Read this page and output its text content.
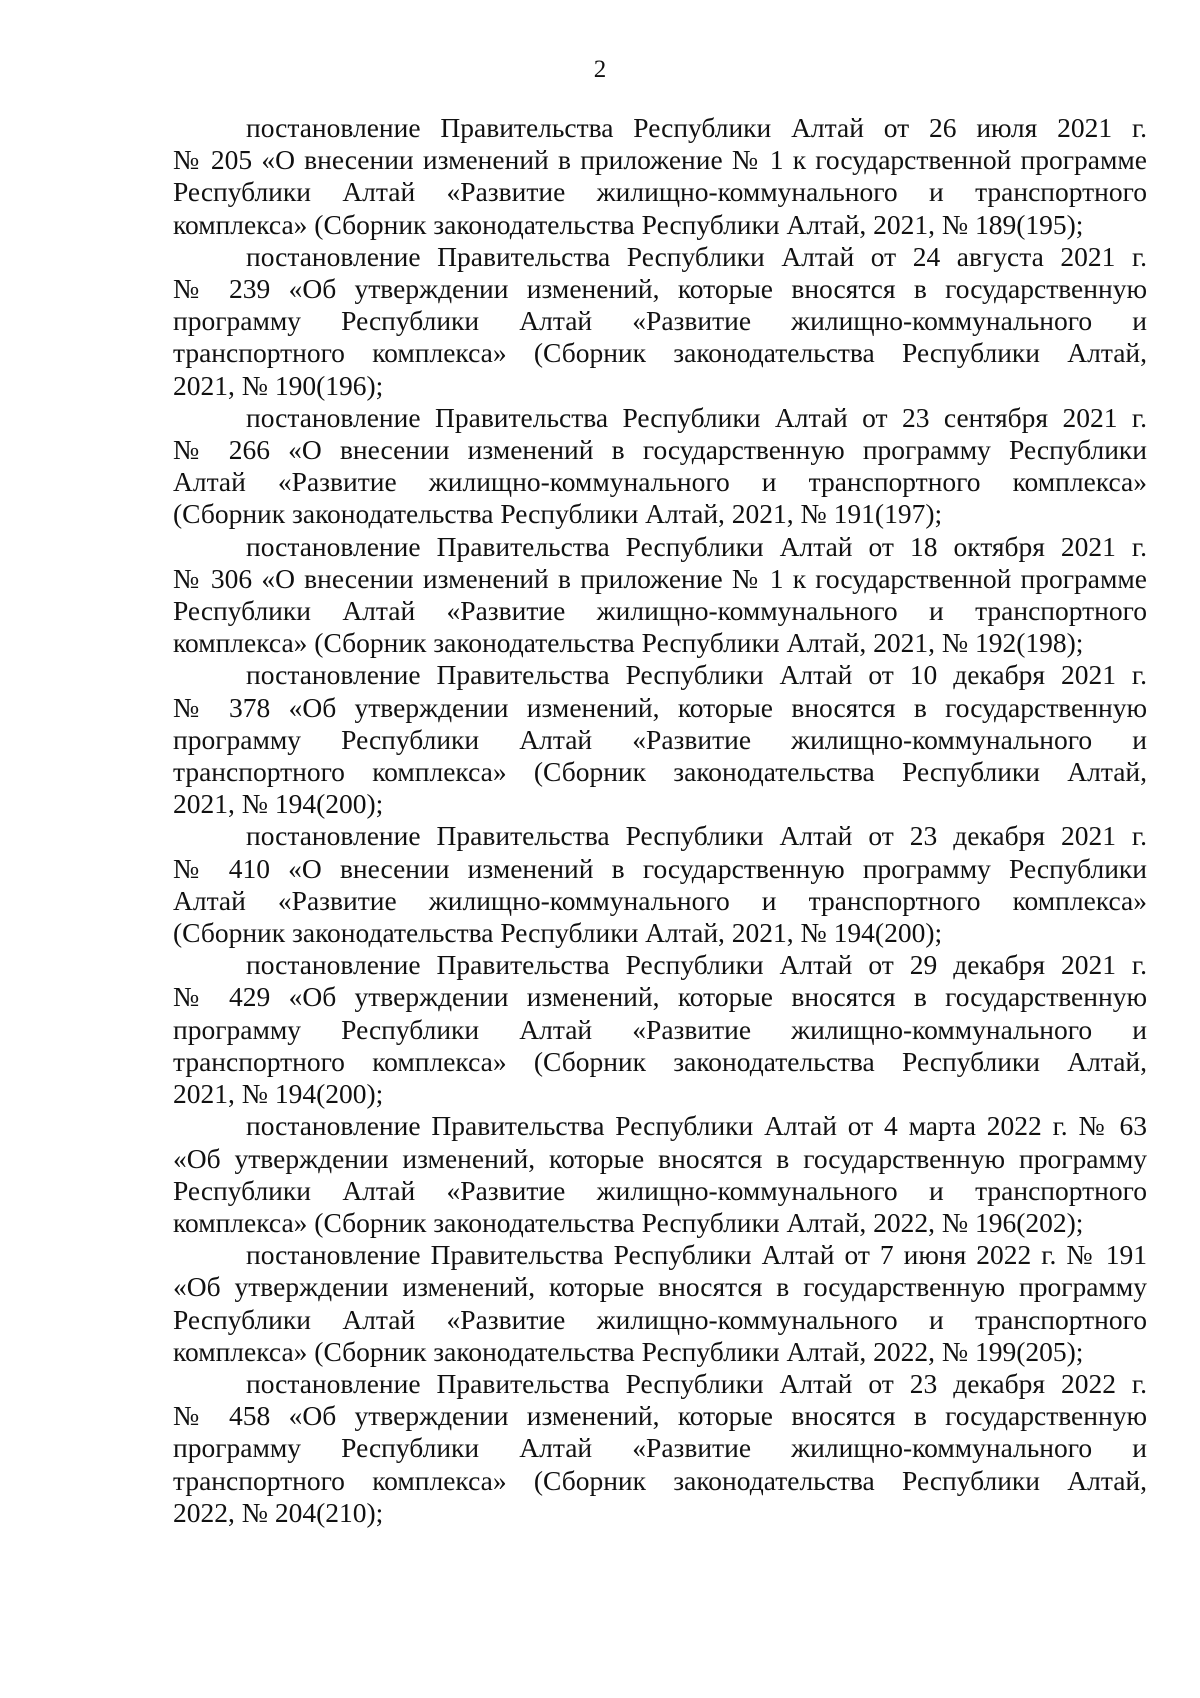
2

постановление Правительства Республики Алтай от 26 июля 2021 г.
№ 205 «О внесении изменений в приложение № 1 к государственной программе
Республики Алтай «Развитие жилищно-коммунального и транспортного
комплекса» (Сборник законодательства Республики Алтай, 2021, № 189(195);

постановление Правительства Республики Алтай от 24 августа 2021 г.
№ 239 «Об утверждении изменений, которые вносятся в государственную
программу Республики Алтай «Развитие жилищно-коммунального и
транспортного комплекса» (Сборник законодательства Республики Алтай,
2021, № 190(196);

постановление Правительства Республики Алтай от 23 сентября 2021 г.
№ 266 «О внесении изменений в государственную программу Республики
Алтай «Развитие жилищно-коммунального и транспортного комплекса»
(Сборник законодательства Республики Алтай, 2021, № 191(197);

постановление Правительства Республики Алтай от 18 октября 2021 г.
№ 306 «О внесении изменений в приложение № 1 к государственной программе
Республики Алтай «Развитие жилищно-коммунального и транспортного
комплекса» (Сборник законодательства Республики Алтай, 2021, № 192(198);

постановление Правительства Республики Алтай от 10 декабря 2021 г.
№ 378 «Об утверждении изменений, которые вносятся в государственную
программу Республики Алтай «Развитие жилищно-коммунального и
транспортного комплекса» (Сборник законодательства Республики Алтай,
2021, № 194(200);

постановление Правительства Республики Алтай от 23 декабря 2021 г.
№ 410 «О внесении изменений в государственную программу Республики
Алтай «Развитие жилищно-коммунального и транспортного комплекса»
(Сборник законодательства Республики Алтай, 2021, № 194(200);

постановление Правительства Республики Алтай от 29 декабря 2021 г.
№ 429 «Об утверждении изменений, которые вносятся в государственную
программу Республики Алтай «Развитие жилищно-коммунального и
транспортного комплекса» (Сборник законодательства Республики Алтай,
2021, № 194(200);

постановление Правительства Республики Алтай от 4 марта 2022 г. № 63
«Об утверждении изменений, которые вносятся в государственную программу
Республики Алтай «Развитие жилищно-коммунального и транспортного
комплекса» (Сборник законодательства Республики Алтай, 2022, № 196(202);

постановление Правительства Республики Алтай от 7 июня 2022 г. № 191
«Об утверждении изменений, которые вносятся в государственную программу
Республики Алтай «Развитие жилищно-коммунального и транспортного
комплекса» (Сборник законодательства Республики Алтай, 2022, № 199(205);

постановление Правительства Республики Алтай от 23 декабря 2022 г.
№ 458 «Об утверждении изменений, которые вносятся в государственную
программу Республики Алтай «Развитие жилищно-коммунального и
транспортного комплекса» (Сборник законодательства Республики Алтай,
2022, № 204(210);
